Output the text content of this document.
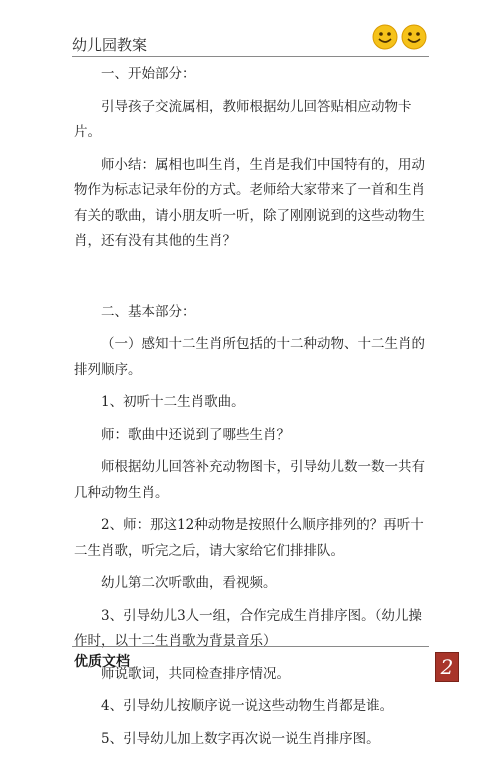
幼儿园教案

一、开始部分：

引导孩子交流属相，教师根据幼儿回答贴相应动物卡片。

师小结：属相也叫生肖，生肖是我们中国特有的，用动物作为标志记录年份的方式。老师给大家带来了一首和生肖有关的歌曲，请小朋友听一听，除了刚刚说到的这些动物生肖，还有没有其他的生肖？

二、基本部分：

（一）感知十二生肖所包括的十二种动物、十二生肖的排列顺序。

1、初听十二生肖歌曲。

师：歌曲中还说到了哪些生肖？

师根据幼儿回答补充动物图卡，引导幼儿数一数一共有几种动物生肖。

2、师：那这12种动物是按照什么顺序排列的？再听十二生肖歌，听完之后，请大家给它们排排队。

幼儿第二次听歌曲，看视频。

3、引导幼儿3人一组，合作完成生肖排序图。（幼儿操作时，以十二生肖歌为背景音乐）

师说歌词，共同检查排序情况。

4、引导幼儿按顺序说一说这些动物生肖都是谁。

5、引导幼儿加上数字再次说一说生肖排序图。

优质文档	2
